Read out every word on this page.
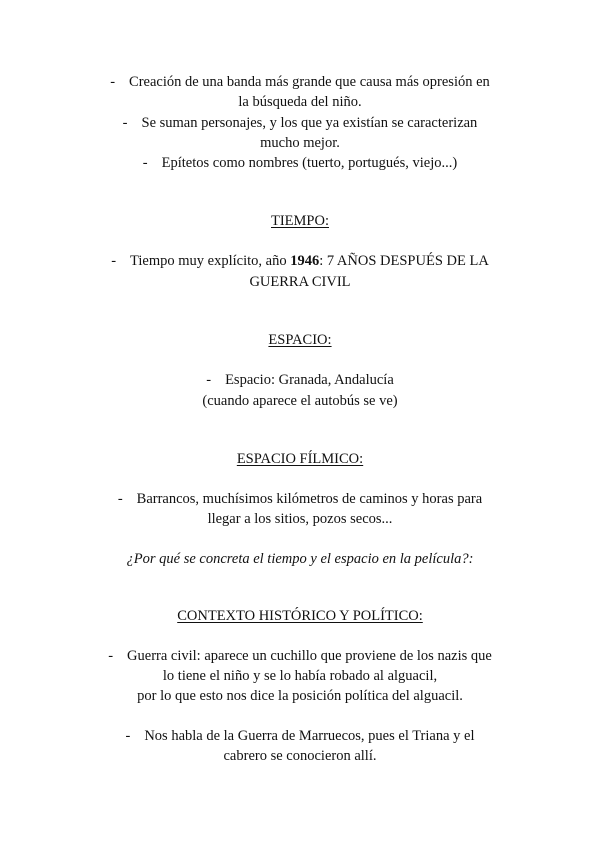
- Creación de una banda más grande que causa más opresión en
la búsqueda del niño.
- Se suman personajes, y los que ya existían se caracterizan
mucho mejor.
- Epítetos como nombres (tuerto, portugués, viejo...)
TIEMPO:
- Tiempo muy explícito, año 1946: 7 AÑOS DESPUÉS DE LA
GUERRA CIVIL
ESPACIO:
- Espacio: Granada, Andalucía
(cuando aparece el autobús se ve)
ESPACIO FÍLMICO:
- Barrancos, muchísimos kilómetros de caminos y horas para
llegar a los sitios, pozos secos...
¿Por qué se concreta el tiempo y el espacio en la película?:
CONTEXTO HISTÓRICO Y POLÍTICO:
- Guerra civil: aparece un cuchillo que proviene de los nazis que
lo tiene el niño y se lo había robado al alguacil,
por lo que esto nos dice la posición política del alguacil.
- Nos habla de la Guerra de Marruecos, pues el Triana y el
cabrero se conocieron allí.
